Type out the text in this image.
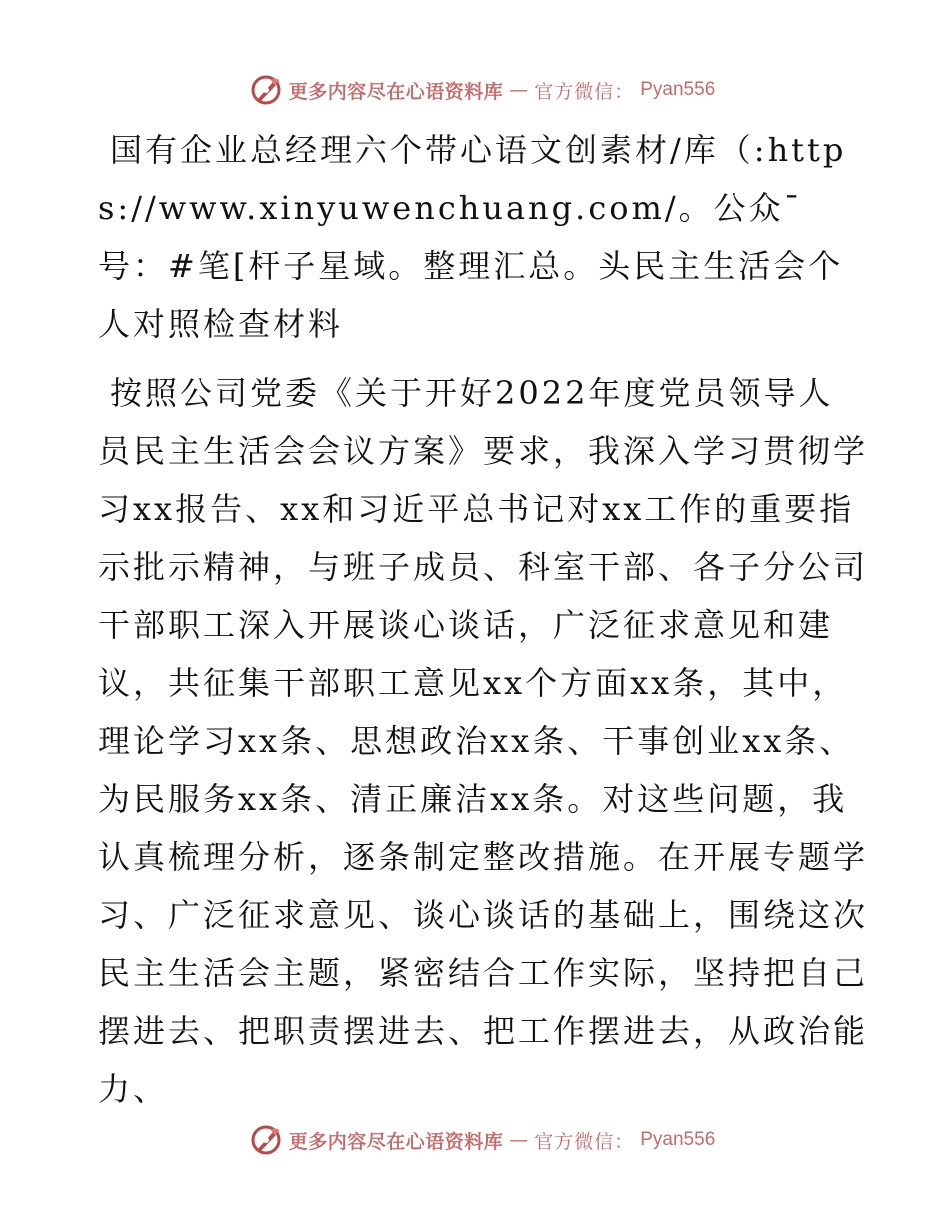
更多内容尽在心语资料库 — 官方微信： Pyan556

国有企业总经理六个带心语文创素材/库（:https://www.xinyuwenchuang.com/。公众¯号：#笔[杆子星域。整理汇总。头民主生活会个人对照检查材料

按照公司党委《关于开好2022年度党员领导人员民主生活会会议方案》要求，我深入学习贯彻学习xx报告、xx和习近平总书记对xx工作的重要指示批示精神，与班子成员、科室干部、各子分公司干部职工深入开展谈心谈话，广泛征求意见和建议，共征集干部职工意见xx个方面xx条，其中，理论学习xx条、思想政治xx条、干事创业xx条、为民服务xx条、清正廉洁xx条。对这些问题，我认真梳理分析，逐条制定整改措施。在开展专题学习、广泛征求意见、谈心谈话的基础上，围绕这次民主生活会主题，紧密结合工作实际，坚持把自己摆进去、把职责摆进去、把工作摆进去，从政治能力、

更多内容尽在心语资料库 — 官方微信： Pyan556
